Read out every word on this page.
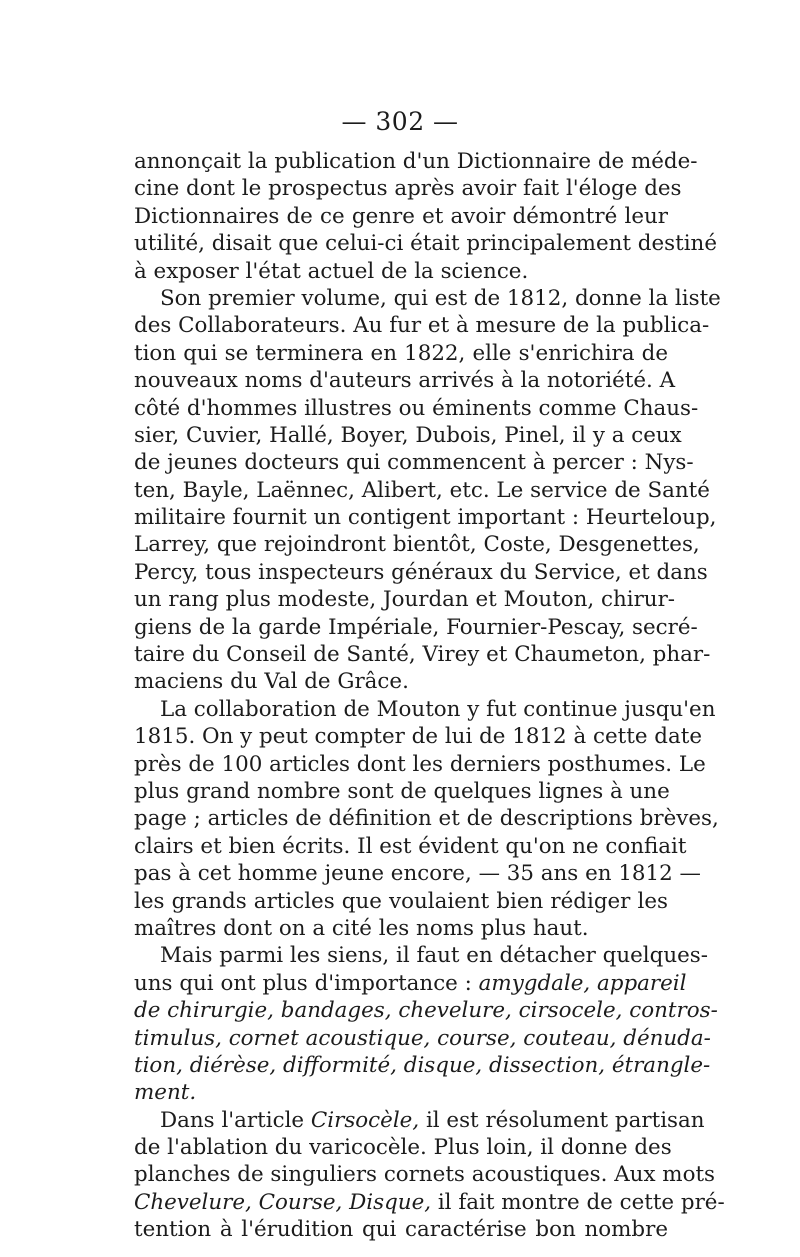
— 302 —
annonçait la publication d'un Dictionnaire de méde-
cine dont le prospectus après avoir fait l'éloge des
Dictionnaires de ce genre et avoir démontré leur
utilité, disait que celui-ci était principalement destiné
à exposer l'état actuel de la science.
Son premier volume, qui est de 1812, donne la liste
des Collaborateurs. Au fur et à mesure de la publica-
tion qui se terminera en 1822, elle s'enrichira de
nouveaux noms d'auteurs arrivés à la notoriété. A
côté d'hommes illustres ou éminents comme Chaus-
sier, Cuvier, Hallé, Boyer, Dubois, Pinel, il y a ceux
de jeunes docteurs qui commencent à percer : Nys-
ten, Bayle, Laënnec, Alibert, etc. Le service de Santé
militaire fournit un contigent important : Heurteloup,
Larrey, que rejoindront bientôt, Coste, Desgenettes,
Percy, tous inspecteurs généraux du Service, et dans
un rang plus modeste, Jourdan et Mouton, chirur-
giens de la garde Impériale, Fournier-Pescay, secré-
taire du Conseil de Santé, Virey et Chaumeton, phar-
maciens du Val de Grâce.
La collaboration de Mouton y fut continue jusqu'en
1815. On y peut compter de lui de 1812 à cette date
près de 100 articles dont les derniers posthumes. Le
plus grand nombre sont de quelques lignes à une
page ; articles de définition et de descriptions brèves,
clairs et bien écrits. Il est évident qu'on ne confiait
pas à cet homme jeune encore, — 35 ans en 1812 —
les grands articles que voulaient bien rédiger les
maîtres dont on a cité les noms plus haut.
Mais parmi les siens, il faut en détacher quelques-
uns qui ont plus d'importance : amygdale, appareil
de chirurgie, bandages, chevelure, cirsocele, contros-
timulus, cornet acoustique, course, couteau, dénuda-
tion, diérèse, difformité, disque, dissection, étrangle-
ment.
Dans l'article Cirsocèle, il est résolument partisan
de l'ablation du varicocèle. Plus loin, il donne des
planches de singuliers cornets acoustiques. Aux mots
Chevelure, Course, Disque, il fait montre de cette pré-
tention à l'érudition qui caractérise bon nombre
